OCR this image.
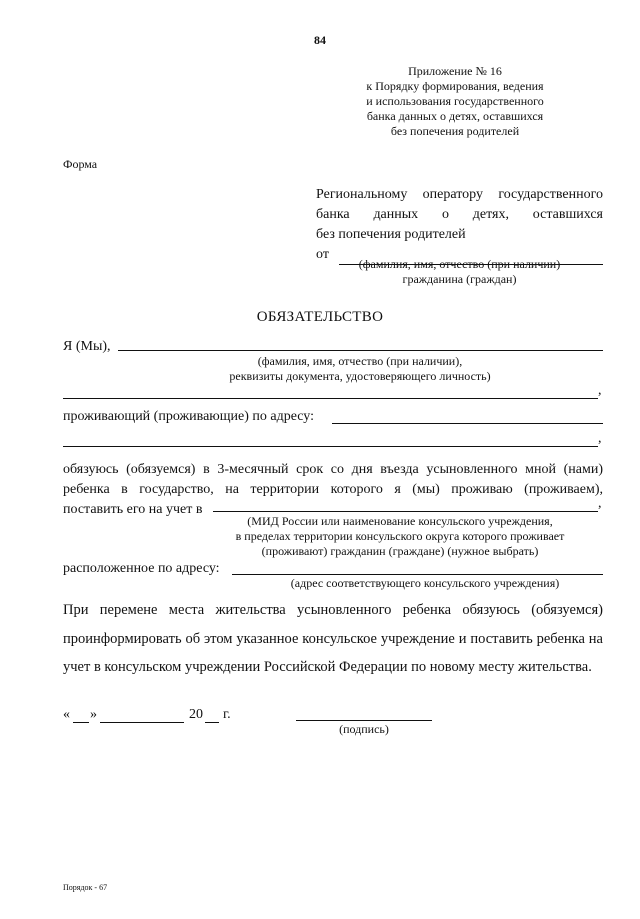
84
Приложение № 16
к Порядку формирования, ведения
и использования государственного
банка данных о детях, оставшихся
без попечения родителей
Форма
Региональному оператору государственного
банка данных о детях, оставшихся
без попечения родителей
от
(фамилия, имя, отчество (при наличии)
гражданина (граждан)
ОБЯЗАТЕЛЬСТВО
Я (Мы),
(фамилия, имя, отчество (при наличии),
реквизиты документа, удостоверяющего личность)
,
проживающий (проживающие) по адресу:
,
обязуюсь (обязуемся) в 3-месячный срок со дня въезда усыновленного мной (нами)
ребенка в государство, на территории которого я (мы) проживаю (проживаем),
поставить его на учет в	,
(МИД России или наименование консульского учреждения,
в пределах территории консульского округа которого проживает
(проживают) гражданин (граждане) (нужное выбрать)
расположенное по адресу:
(адрес соответствующего консульского учреждения)
При перемене места жительства усыновленного ребенка обязуюсь (обязуемся) проинформировать об этом указанное консульское учреждение и поставить ребенка на учет в консульском учреждении Российской Федерации по новому месту жительства.
« »	20 г.
(подпись)
Порядок - 67
